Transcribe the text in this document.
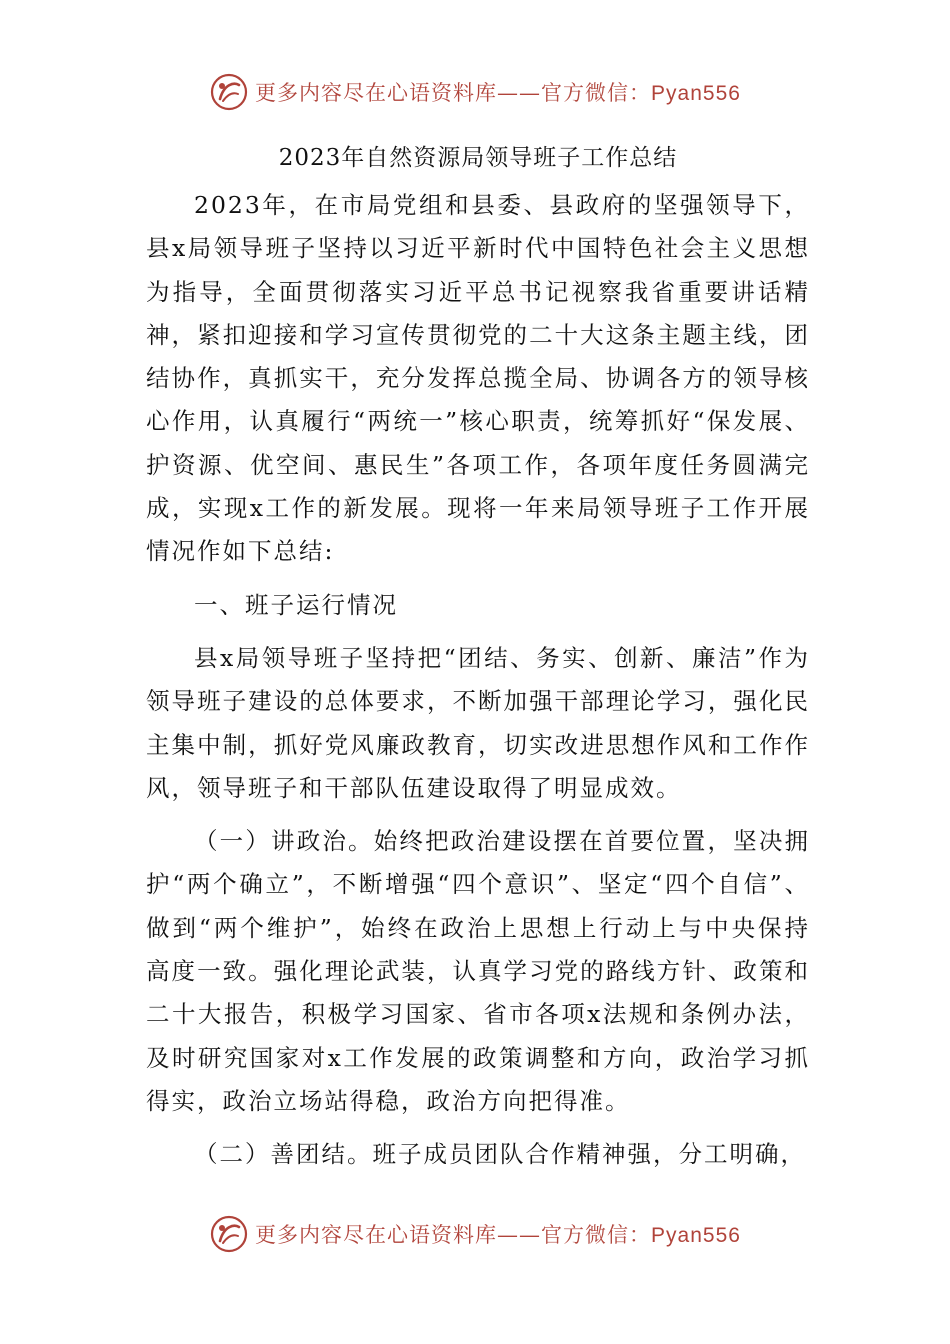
更多内容尽在心语资料库——官方微信：Pyan556
2023年自然资源局领导班子工作总结

2023年，在市局党组和县委、县政府的坚强领导下，县x局领导班子坚持以习近平新时代中国特色社会主义思想为指导，全面贯彻落实习近平总书记视察我省重要讲话精神，紧扣迎接和学习宣传贯彻党的二十大这条主题主线，团结协作，真抓实干，充分发挥总揽全局、协调各方的领导核心作用，认真履行“两统一”核心职责，统筹抓好“保发展、护资源、优空间、惠民生”各项工作，各项年度任务圆满完成，实现x工作的新发展。现将一年来局领导班子工作开展情况作如下总结:

一、班子运行情况

县x局领导班子坚持把“团结、务实、创新、廉洁”作为领导班子建设的总体要求，不断加强干部理论学习，强化民主集中制，抓好党风廉政教育，切实改进思想作风和工作作风，领导班子和干部队伍建设取得了明显成效。

（一）讲政治。始终把政治建设摆在首要位置，坚决拥护“两个确立”，不断增强“四个意识”、坚定“四个自信”、做到“两个维护”，始终在政治上思想上行动上与中央保持高度一致。强化理论武装，认真学习党的路线方针、政策和二十大报告，积极学习国家、省市各项x法规和条例办法，及时研究国家对x工作发展的政策调整和方向，政治学习抓得实，政治立场站得稳，政治方向把得准。

（二）善团结。班子成员团队合作精神强，分工明确，

更多内容尽在心语资料库——官方微信：Pyan556
